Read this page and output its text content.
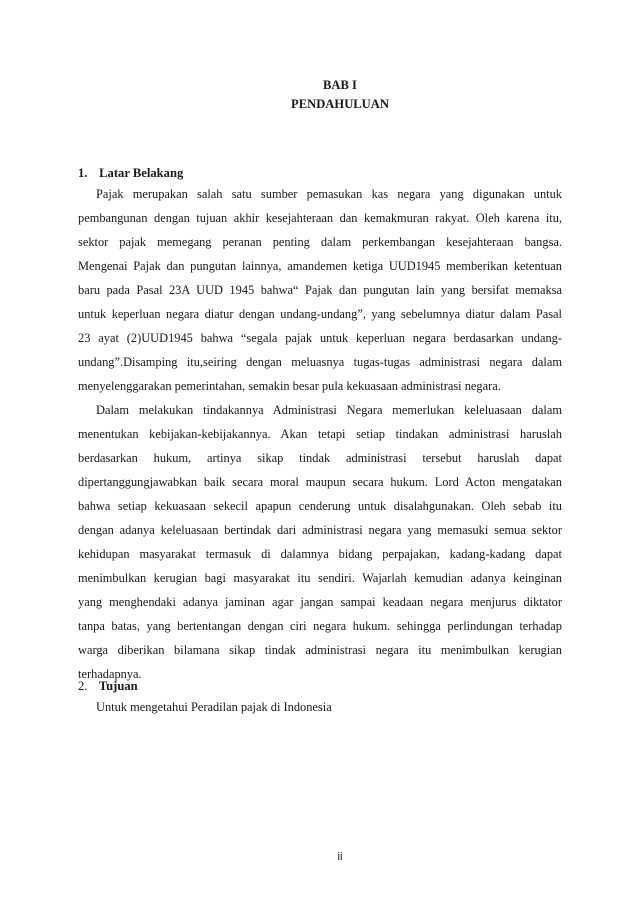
BAB I
PENDAHULUAN
1. Latar Belakang
Pajak merupakan salah satu sumber pemasukan kas negara yang digunakan untuk
pembangunan dengan tujuan akhir kesejahteraan dan kemakmuran rakyat. Oleh karena itu,
sektor pajak memegang peranan penting dalam perkembangan kesejahteraan bangsa.
Mengenai Pajak dan pungutan lainnya, amandemen ketiga UUD1945 memberikan ketentuan
baru pada Pasal 23A UUD 1945 bahwa“ Pajak dan pungutan lain yang bersifat memaksa
untuk keperluan negara diatur dengan undang-undang”, yang sebelumnya diatur dalam Pasal
23 ayat (2)UUD1945 bahwa “segala pajak untuk keperluan negara berdasarkan undang-
undang”.Disamping itu,seiring dengan meluasnya tugas-tugas administrasi negara dalam
menyelenggarakan pemerintahan, semakin besar pula kekuasaan administrasi negara.
Dalam melakukan tindakannya Administrasi Negara memerlukan keleluasaan dalam
menentukan kebijakan-kebijakannya. Akan tetapi setiap tindakan administrasi haruslah
berdasarkan hukum, artinya sikap tindak administrasi tersebut haruslah dapat
dipertanggungjawabkan baik secara moral maupun secara hukum. Lord Acton mengatakan
bahwa setiap kekuasaan sekecil apapun cenderung untuk disalahgunakan. Oleh sebab itu
dengan adanya keleluasaan bertindak dari administrasi negara yang memasuki semua sektor
kehidupan masyarakat termasuk di dalamnya bidang perpajakan, kadang-kadang dapat
menimbulkan kerugian bagi masyarakat itu sendiri. Wajarlah kemudian adanya keinginan
yang menghendaki adanya jaminan agar jangan sampai keadaan negara menjurus diktator
tanpa batas, yang bertentangan dengan ciri negara hukum. sehingga perlindungan terhadap
warga diberikan bilamana sikap tindak administrasi negara itu menimbulkan kerugian
terhadapnya.
2. Tujuan
Untuk mengetahui Peradilan pajak di Indonesia
ii
